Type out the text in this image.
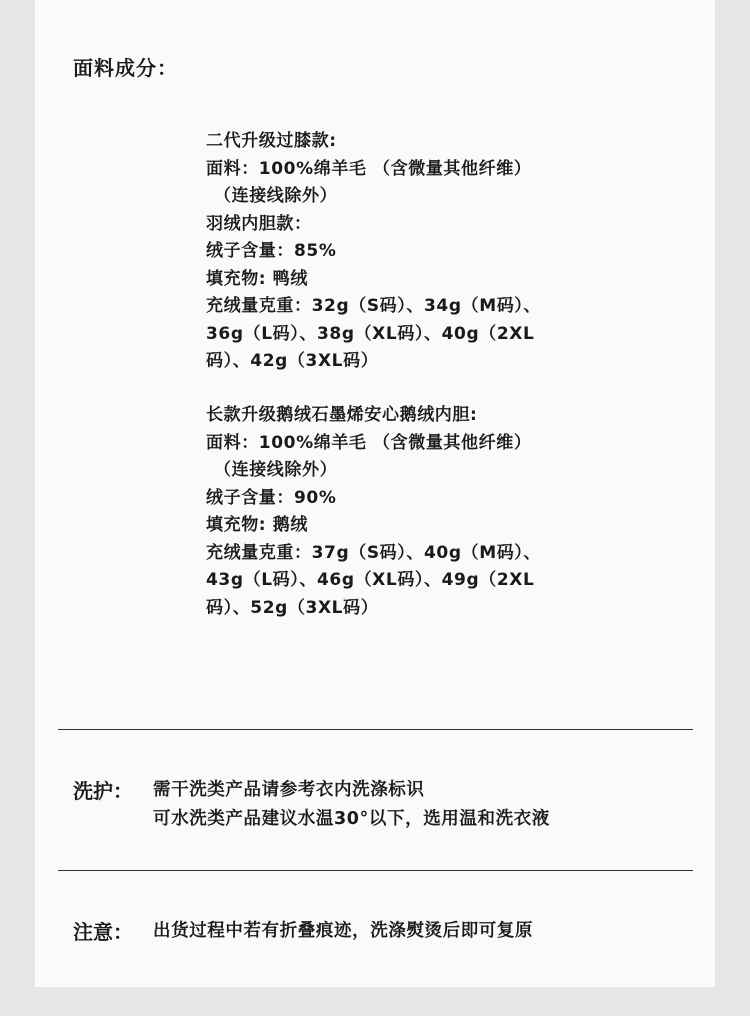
面料成分：
二代升级过膝款:
面料：100%绵羊毛 （含微量其他纤维）
（连接线除外）
羽绒内胆款：
绒子含量：85%
填充物: 鸭绒
充绒量克重：32g（S码）、34g（M码）、
36g（L码）、38g（XL码）、40g（2XL
码）、42g（3XL码）
长款升级鹅绒石墨烯安心鹅绒内胆:
面料：100%绵羊毛 （含微量其他纤维）
（连接线除外）
绒子含量：90%
填充物: 鹅绒
充绒量克重：37g（S码）、40g（M码）、
43g（L码）、46g（XL码）、49g（2XL
码）、52g（3XL码）
洗护： 需干洗类产品请参考衣内洗涤标识
可水洗类产品建议水温30°以下，选用温和洗衣液
注意： 出货过程中若有折叠痕迹，洗涤熨烫后即可复原
